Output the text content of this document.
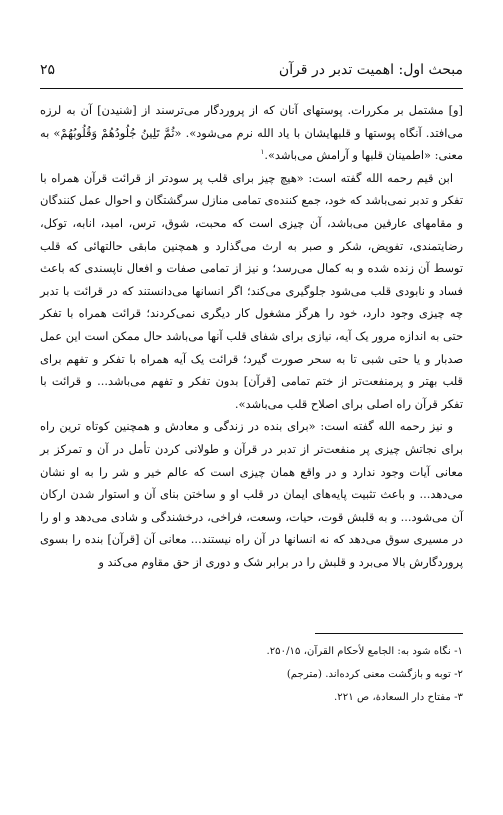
مبحث اول: اهمیت تدبر در قرآن
۲۵

[و] مشتمل بر مکررات. پوستهای آنان که از پروردگار می‌ترسند از [شنیدن] آن به لرزه می‌افتد. آنگاه پوستها و قلبهایشان با یاد الله نرم می‌شود». «ثُمَّ تَلِينُ جُلُودُهُمْ وَقُلُوبُهُمْ» به معنی: «اطمینان قلبها و آرامش می‌باشد».$^۱$

ابن قیم رحمه الله گفته است: «هیچ چیز برای قلب پر سودتر از قرائت قرآن همراه با تفکر و تدبر نمی‌باشد که خود، جمع کننده‌ی تمامی منازل سرگشتگان و احوال عمل کنندگان و مقامهای عارفین می‌باشد، آن چیزی است که محبت، شوق، ترس، امید، انابه، توکل، رضایتمندی، تفویض، شکر و صبر به ارث می‌گذارد و همچنین مابقی حالتهائی که قلب توسط آن زنده شده و به کمال می‌رسد؛ و نیز از تمامی صفات و افعال ناپسندی که باعث فساد و نابودی قلب می‌شود جلوگیری می‌کند؛ اگر انسانها می‌دانستند که در قرائت با تدبر چه چیزی وجود دارد، خود را هرگز مشغول کار دیگری نمی‌کردند؛ قرائت همراه با تفکر حتی به اندازه مرور یک آیه، نیازی برای شفای قلب آنها می‌باشد حال ممکن است این عمل صدبار و یا حتی شبی تا به سحر صورت گیرد؛ قرائت یک آیه همراه با تفکر و تفهم برای قلب بهتر و پرمنفعت‌تر از ختم تمامی [قرآن] بدون تفکر و تفهم می‌باشد... و قرائت با تفکر قرآن راه اصلی برای اصلاح قلب می‌باشد».

و نیز رحمه الله گفته است: «برای بنده در زندگی و معادش و همچنین کوتاه ترین راه برای نجاتش چیزی پر منفعت‌تر از تدبر در قرآن و طولانی کردن تأمل در آن و تمرکز بر معانی آیات وجود ندارد و در واقع همان چیزی است که عالم خیر و شر را به او نشان می‌دهد... و باعث تثبیت پایه‌های ایمان در قلب او و ساختن بنای آن و استوار شدن ارکان آن می‌شود... و به قلبش قوت، حیات، وسعت، فراخی، درخشندگی و شادی می‌دهد و او را در مسیری سوق می‌دهد که نه انسانها در آن راه نیستند... معانی آن [قرآن] بنده را بسوی پروردگارش بالا می‌برد و قلبش را در برابر شک و دوری از حق مقاوم می‌کند و

۱- نگاه شود به: الجامع لأحکام القرآن، ۲۵۰/۱۵.
۲- توبه و بازگشت معنی کرده‌اند. (مترجم)
۳- مفتاح دار السعادة، ص ۲۲۱.
